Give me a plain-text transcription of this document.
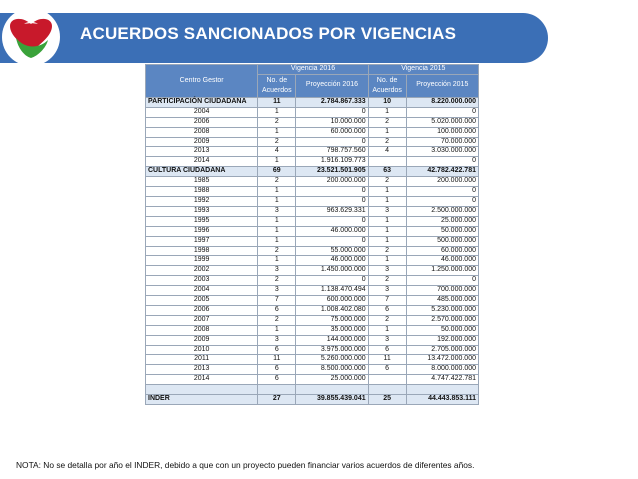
ACUERDOS SANCIONADOS POR VIGENCIAS
Centro Gestor	Vigencia 2016		Vigencia 2015	
	No. de Acuerdos	Proyección 2016	No. de Acuerdos	Proyección 2015
PARTICIPACIÓN CIUDADANA	11	2.784.867.333	10	8.220.000.000
2004	1	0	1	0
2006	2	10.000.000	2	5.020.000.000
2008	1	60.000.000	1	100.000.000
2009	2	0	2	70.000.000
2013	4	798.757.560	4	3.030.000.000
2014	1	1.916.109.773		0
CULTURA CIUDADANA	69	23.521.501.905	63	42.782.422.781
1985	2	200.000.000	2	200.000.000
1988	1	0	1	0
1992	1	0	1	0
1993	3	963.629.331	3	2.500.000.000
1995	1	0	1	25.000.000
1996	1	46.000.000	1	50.000.000
1997	1	0	1	500.000.000
1998	2	55.000.000	2	60.000.000
1999	1	46.000.000	1	46.000.000
2002	3	1.450.000.000	3	1.250.000.000
2003	2	0	2	0
2004	3	1.138.470.494	3	700.000.000
2005	7	600.000.000	7	485.000.000
2006	6	1.008.402.080	6	5.230.000.000
2007	2	75.000.000	2	2.570.000.000
2008	1	35.000.000	1	50.000.000
2009	3	144.000.000	3	192.000.000
2010	6	3.975.000.000	6	2.705.000.000
2011	11	5.260.000.000	11	13.472.000.000
2013	6	8.500.000.000	6	8.000.000.000
2014	6	25.000.000		4.747.422.781

INDER	27	39.855.439.041	25	44.443.853.111
NOTA: No se detalla por año el INDER, debido a que con un proyecto pueden financiar varios acuerdos de diferentes años.
